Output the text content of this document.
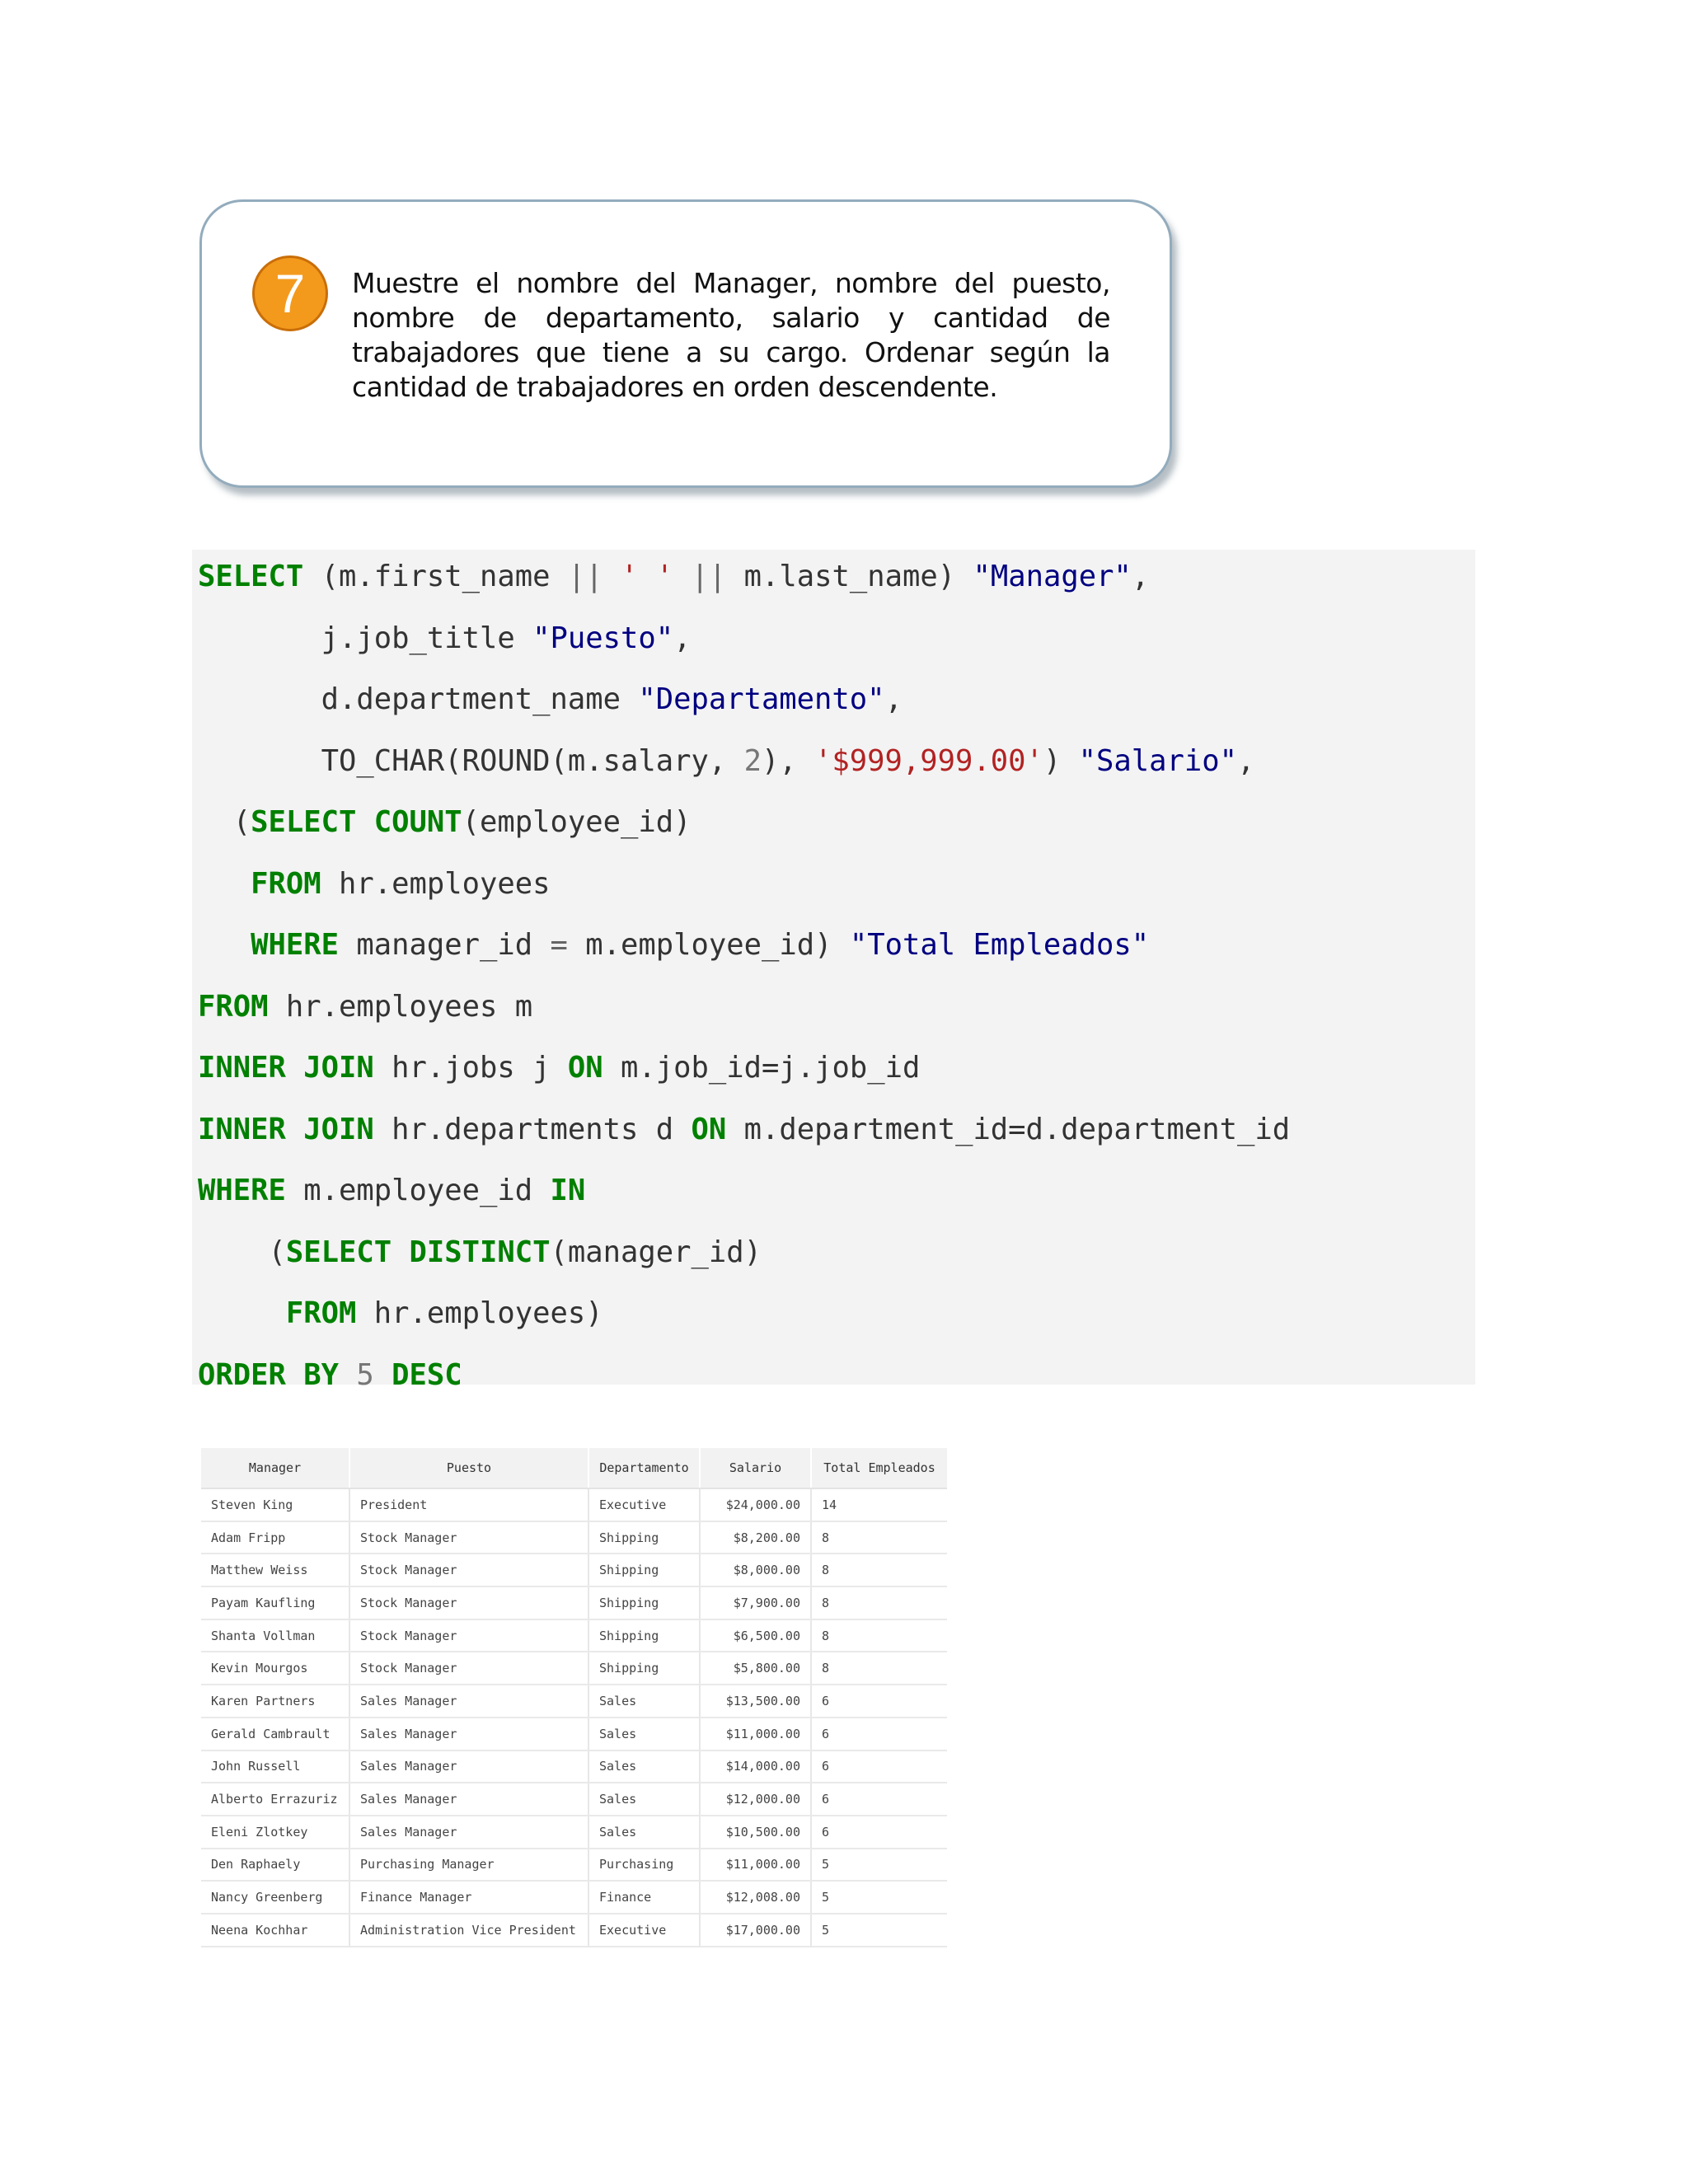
7	Muestre el nombre del Manager, nombre del puesto, nombre de departamento, salario y cantidad de trabajadores que tiene a su cargo. Ordenar según la cantidad de trabajadores en orden descendente.

SELECT (m.first_name || ' ' || m.last_name) "Manager",
j.job_title "Puesto",
d.department_name "Departamento",
TO_CHAR(ROUND(m.salary, 2), '$999,999.00') "Salario",
(SELECT COUNT(employee_id)
FROM hr.employees
WHERE manager_id = m.employee_id) "Total Empleados"
FROM hr.employees m
INNER JOIN hr.jobs j ON m.job_id=j.job_id
INNER JOIN hr.departments d ON m.department_id=d.department_id
WHERE m.employee_id IN
(SELECT DISTINCT(manager_id)
FROM hr.employees)
ORDER BY 5 DESC
Manager	Puesto	Departamento	Salario	Total Empleados
Steven King	President	Executive	$24,000.00	14
Adam Fripp	Stock Manager	Shipping	$8,200.00	8
Matthew Weiss	Stock Manager	Shipping	$8,000.00	8
Payam Kaufling	Stock Manager	Shipping	$7,900.00	8
Shanta Vollman	Stock Manager	Shipping	$6,500.00	8
Kevin Mourgos	Stock Manager	Shipping	$5,800.00	8
Karen Partners	Sales Manager	Sales	$13,500.00	6
Gerald Cambrault	Sales Manager	Sales	$11,000.00	6
John Russell	Sales Manager	Sales	$14,000.00	6
Alberto Errazuriz	Sales Manager	Sales	$12,000.00	6
Eleni Zlotkey	Sales Manager	Sales	$10,500.00	6
Den Raphaely	Purchasing Manager	Purchasing	$11,000.00	5
Nancy Greenberg	Finance Manager	Finance	$12,008.00	5
Neena Kochhar	Administration Vice President	Executive	$17,000.00	5
